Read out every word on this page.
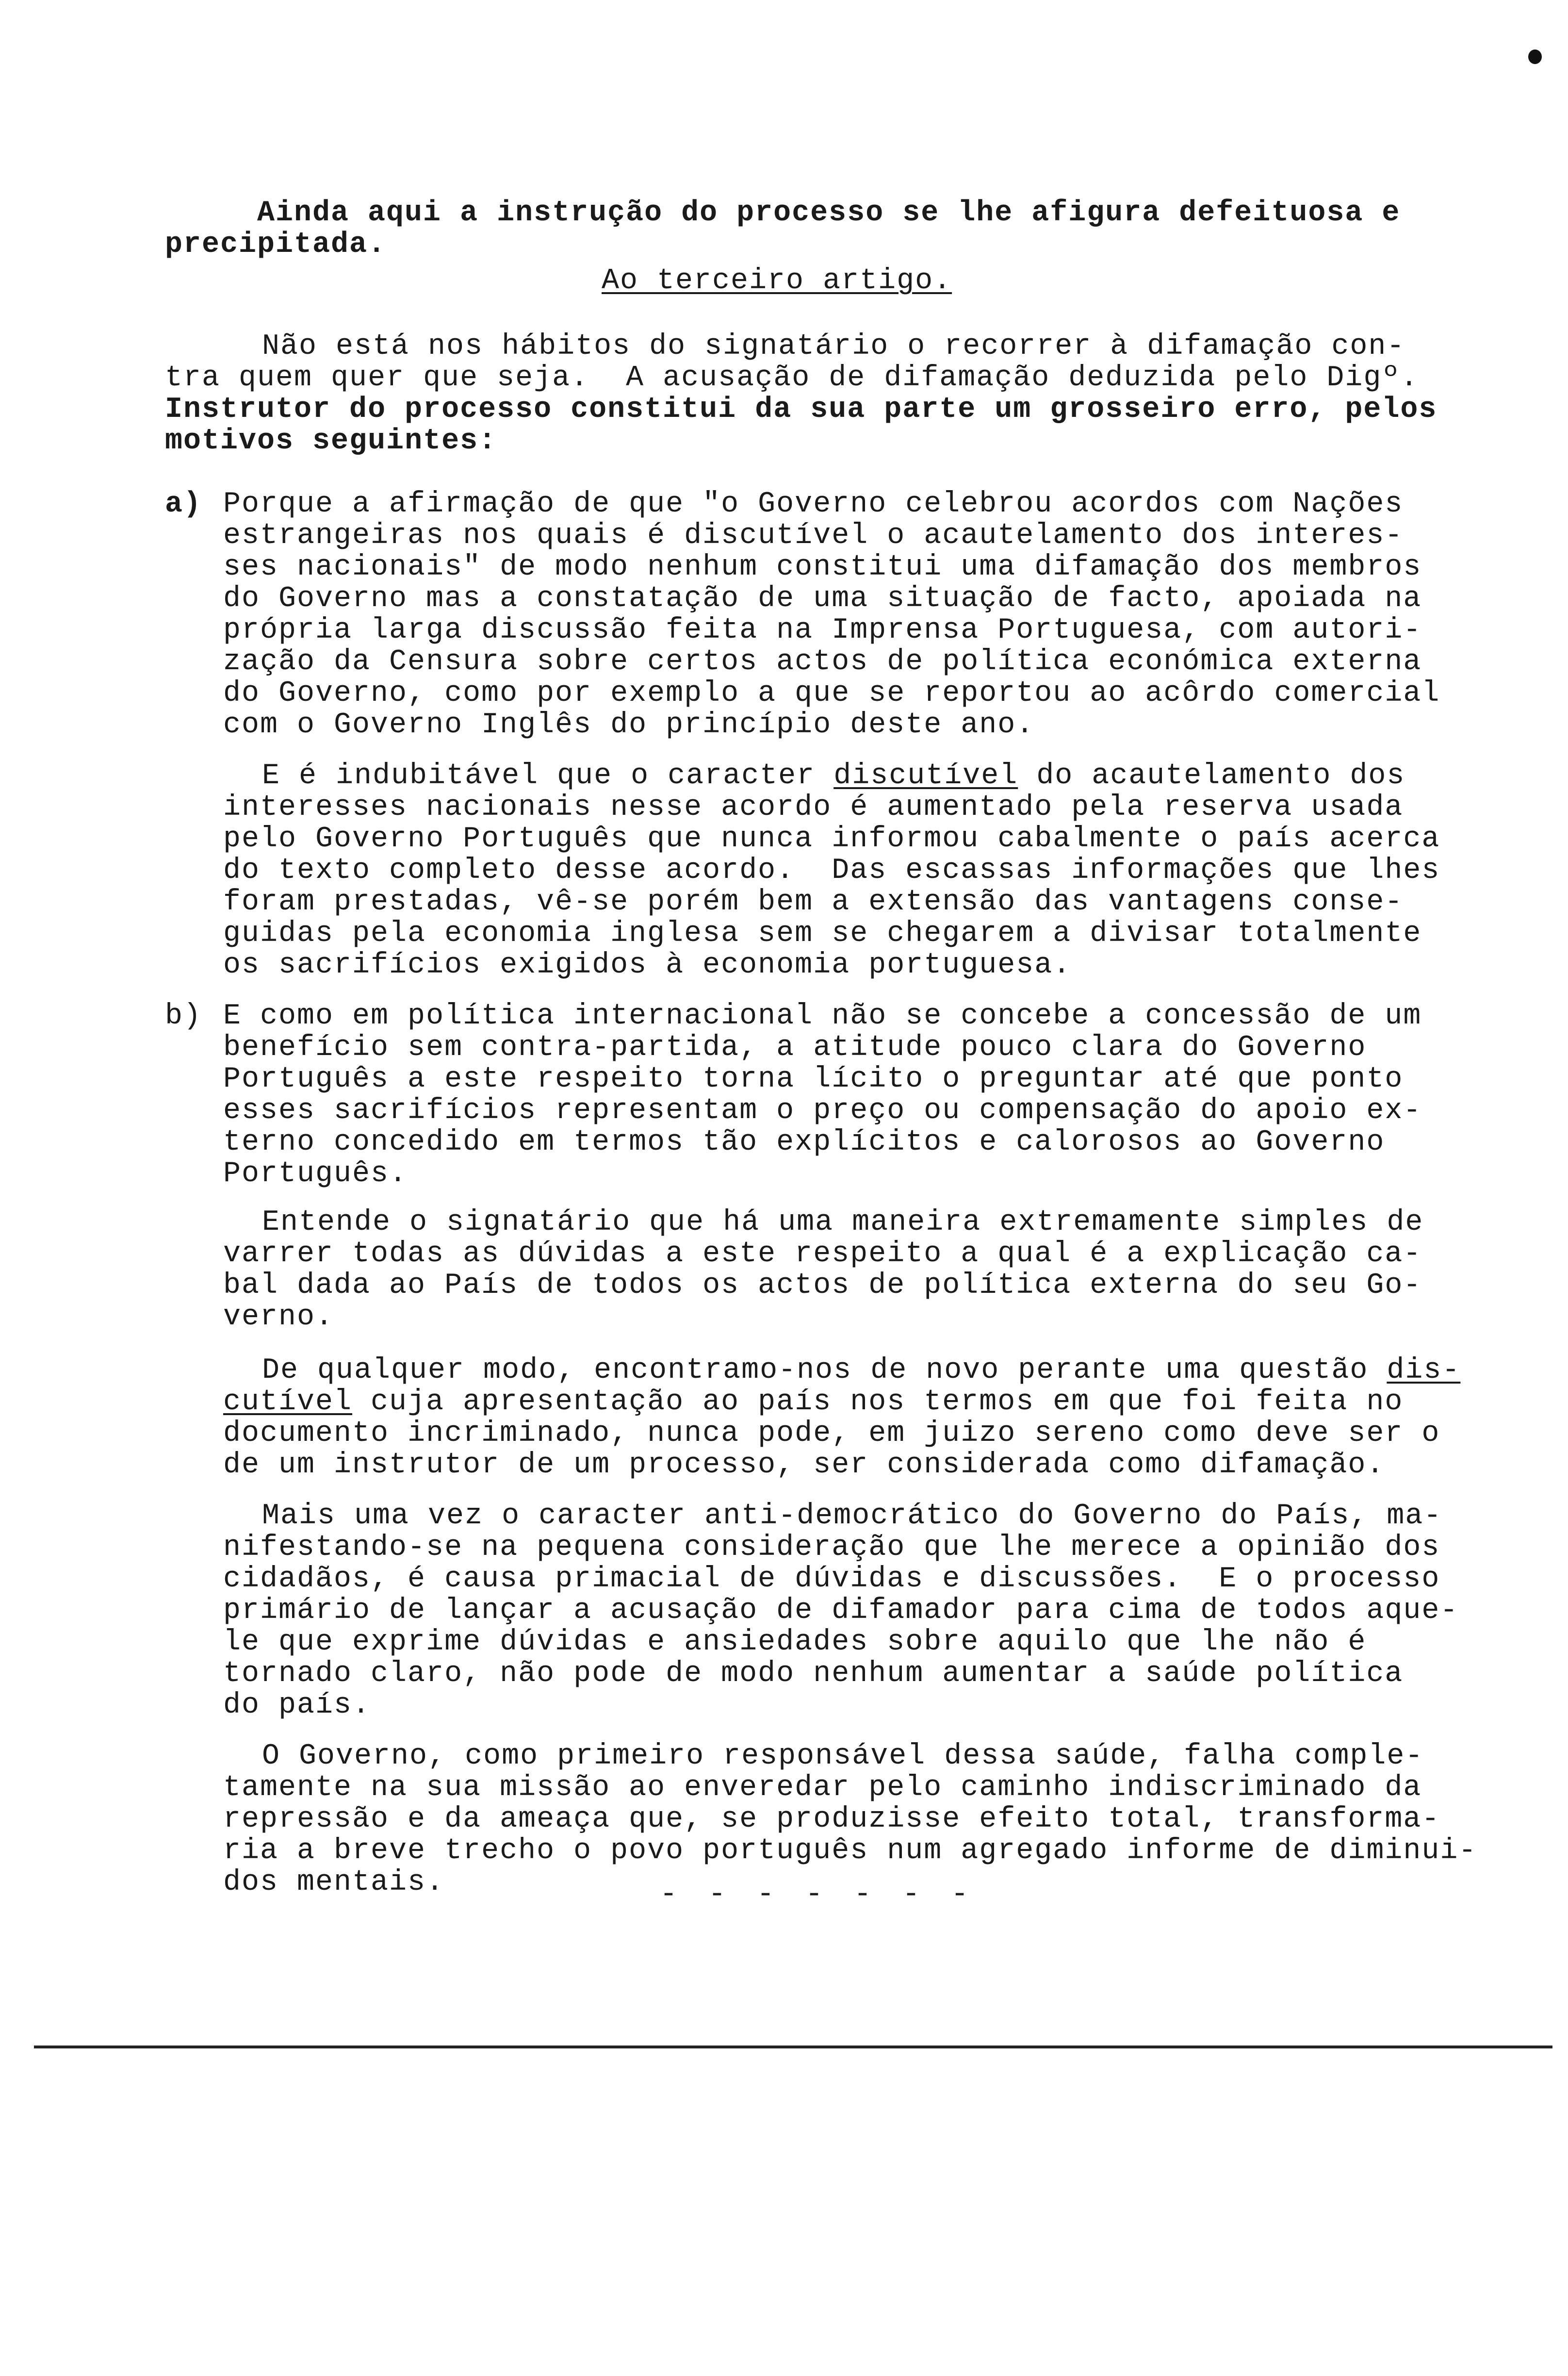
Ainda aqui a instrução do processo se lhe afigura defeituosa e

precipitada.

Ao terceiro artigo.

Não está nos hábitos do signatário o recorrer à difamação con-

tra quem quer que seja.  A acusação de difamação deduzida pelo Digº.

Instrutor do processo constitui da sua parte um grosseiro erro, pelos

motivos seguintes:

a)

Porque a afirmação de que "o Governo celebrou acordos com Nações

estrangeiras nos quais é discutível o acautelamento dos interes-

ses nacionais" de modo nenhum constitui uma difamação dos membros

do Governo mas a constatação de uma situação de facto, apoiada na

própria larga discussão feita na Imprensa Portuguesa, com autori-

zação da Censura sobre certos actos de política económica externa

do Governo, como por exemplo a que se reportou ao acôrdo comercial

com o Governo Inglês do princípio deste ano.

E é indubitável que o caracter discutível do acautelamento dos

interesses nacionais nesse acordo é aumentado pela reserva usada

pelo Governo Português que nunca informou cabalmente o país acerca

do texto completo desse acordo.  Das escassas informações que lhes

foram prestadas, vê-se porém bem a extensão das vantagens conse-

guidas pela economia inglesa sem se chegarem a divisar totalmente

os sacrifícios exigidos à economia portuguesa.

b)

E como em política internacional não se concebe a concessão de um

benefício sem contra-partida, a atitude pouco clara do Governo

Português a este respeito torna lícito o preguntar até que ponto

esses sacrifícios representam o preço ou compensação do apoio ex-

terno concedido em termos tão explícitos e calorosos ao Governo

Português.

Entende o signatário que há uma maneira extremamente simples de

varrer todas as dúvidas a este respeito a qual é a explicação ca-

bal dada ao País de todos os actos de política externa do seu Go-

verno.

De qualquer modo, encontramo-nos de novo perante uma questão dis-

cutível cuja apresentação ao país nos termos em que foi feita no

documento incriminado, nunca pode, em juizo sereno como deve ser o

de um instrutor de um processo, ser considerada como difamação.

Mais uma vez o caracter anti-democrático do Governo do País, ma-

nifestando-se na pequena consideração que lhe merece a opinião dos

cidadãos, é causa primacial de dúvidas e discussões.  E o processo

primário de lançar a acusação de difamador para cima de todos aque-

le que exprime dúvidas e ansiedades sobre aquilo que lhe não é

tornado claro, não pode de modo nenhum aumentar a saúde política

do país.

O Governo, como primeiro responsável dessa saúde, falha comple-

tamente na sua missão ao enveredar pelo caminho indiscriminado da

repressão e da ameaça que, se produzisse efeito total, transforma-

ria a breve trecho o povo português num agregado informe de diminui-

dos mentais.

	- - - - - - -
